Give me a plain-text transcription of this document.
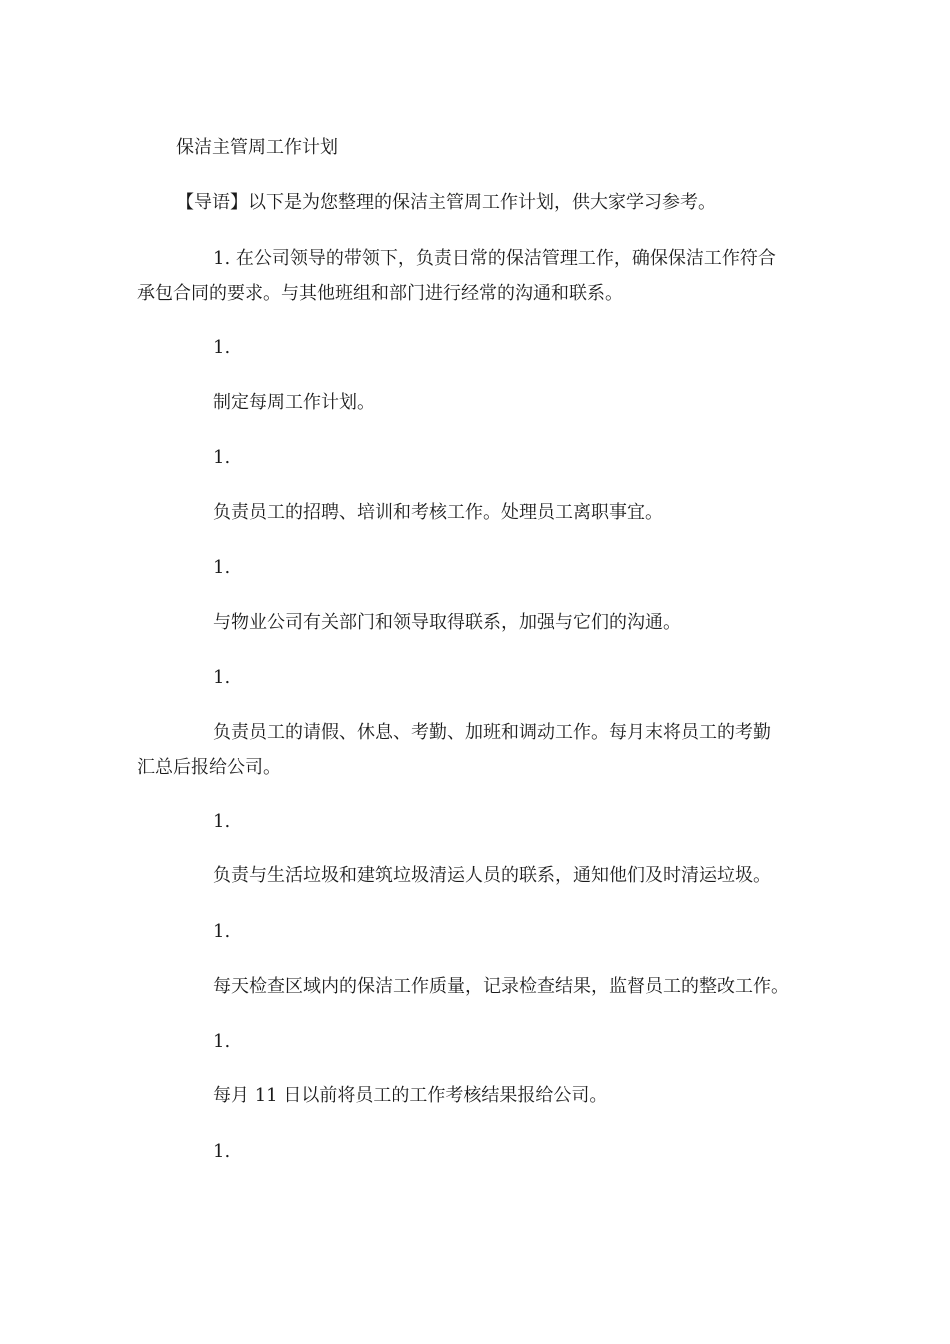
保洁主管周工作计划

【导语】以下是为您整理的保洁主管周工作计划，供大家学习参考。

1. 在公司领导的带领下，负责日常的保洁管理工作，确保保洁工作符合

承包合同的要求。与其他班组和部门进行经常的沟通和联系。

1.

制定每周工作计划。

1.

负责员工的招聘、培训和考核工作。处理员工离职事宜。

1.

与物业公司有关部门和领导取得联系，加强与它们的沟通。

1.

负责员工的请假、休息、考勤、加班和调动工作。每月末将员工的考勤

汇总后报给公司。

1.

负责与生活垃圾和建筑垃圾清运人员的联系，通知他们及时清运垃圾。

1.

每天检查区域内的保洁工作质量，记录检查结果，监督员工的整改工作。

1.

每月 11 日以前将员工的工作考核结果报给公司。

1.
